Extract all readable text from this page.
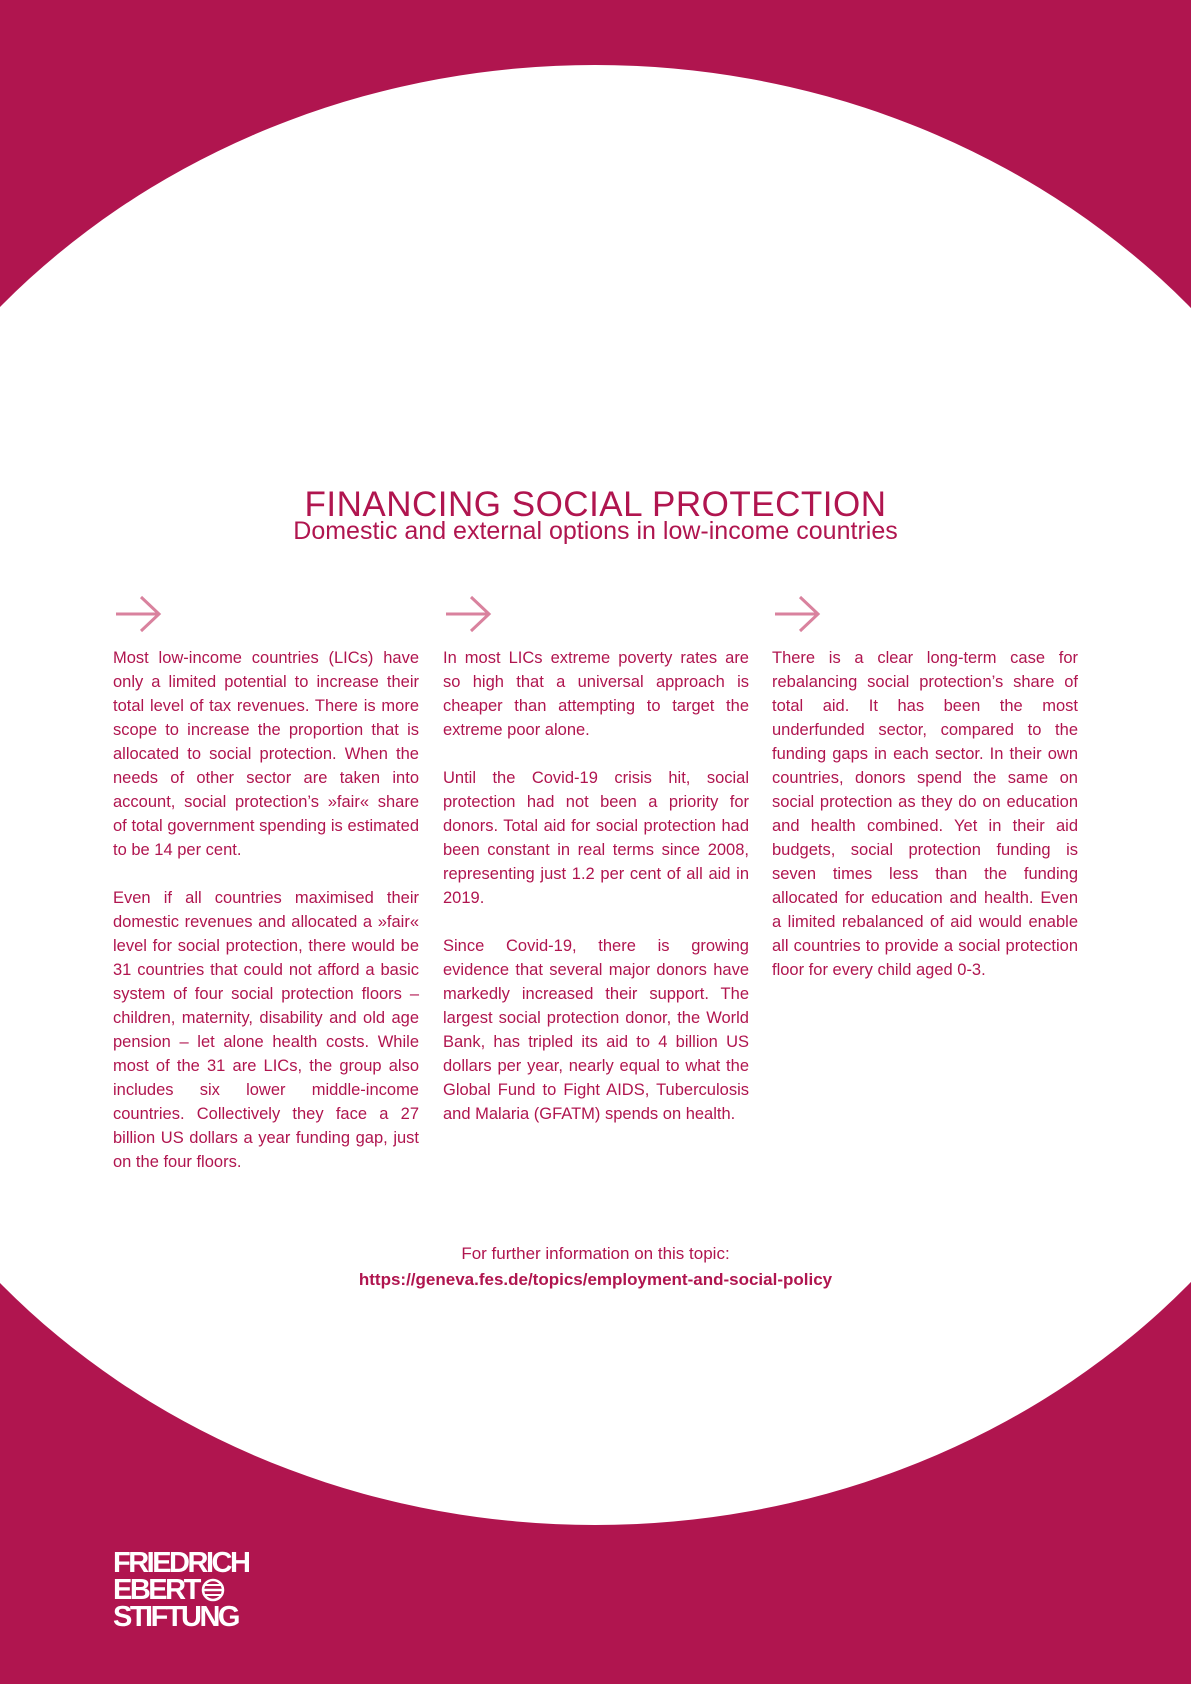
FINANCING SOCIAL PROTECTION
Domestic and external options in low-income countries

Most low-income countries (LICs) have only a limited potential to increase their total level of tax revenues. There is more scope to increase the proportion that is allocated to social protection. When the needs of other sector are taken into account, social protection’s »fair« share of total government spending is estimated to be 14 per cent.

Even if all countries maximised their domestic revenues and allocated a »fair« level for social protection, there would be 31 countries that could not afford a basic system of four social protection floors – children, maternity, disability and old age pension – let alone health costs. While most of the 31 are LICs, the group also includes six lower middle-income countries. Collectively they face a 27 billion US dollars a year funding gap, just on the four floors.

In most LICs extreme poverty rates are so high that a universal approach is cheaper than attempting to target the extreme poor alone.

Until the Covid-19 crisis hit, social protection had not been a priority for donors. Total aid for social protection had been constant in real terms since 2008, representing just 1.2 per cent of all aid in 2019.

Since Covid-19, there is growing evidence that several major donors have markedly increased their support. The largest social protection donor, the World Bank, has tripled its aid to 4 billion US dollars per year, nearly equal to what the Global Fund to Fight AIDS, Tuberculosis and Malaria (GFATM) spends on health.

There is a clear long-term case for rebalancing social protection’s share of total aid. It has been the most underfunded sector, compared to the funding gaps in each sector. In their own countries, donors spend the same on social protection as they do on education and health combined. Yet in their aid budgets, social protection funding is seven times less than the funding allocated for education and health. Even a limited rebalanced of aid would enable all countries to provide a social protection floor for every child aged 0-3.

For further information on this topic:
https://geneva.fes.de/topics/employment-and-social-policy
FRIEDRICH
EBERT
STIFTUNG
